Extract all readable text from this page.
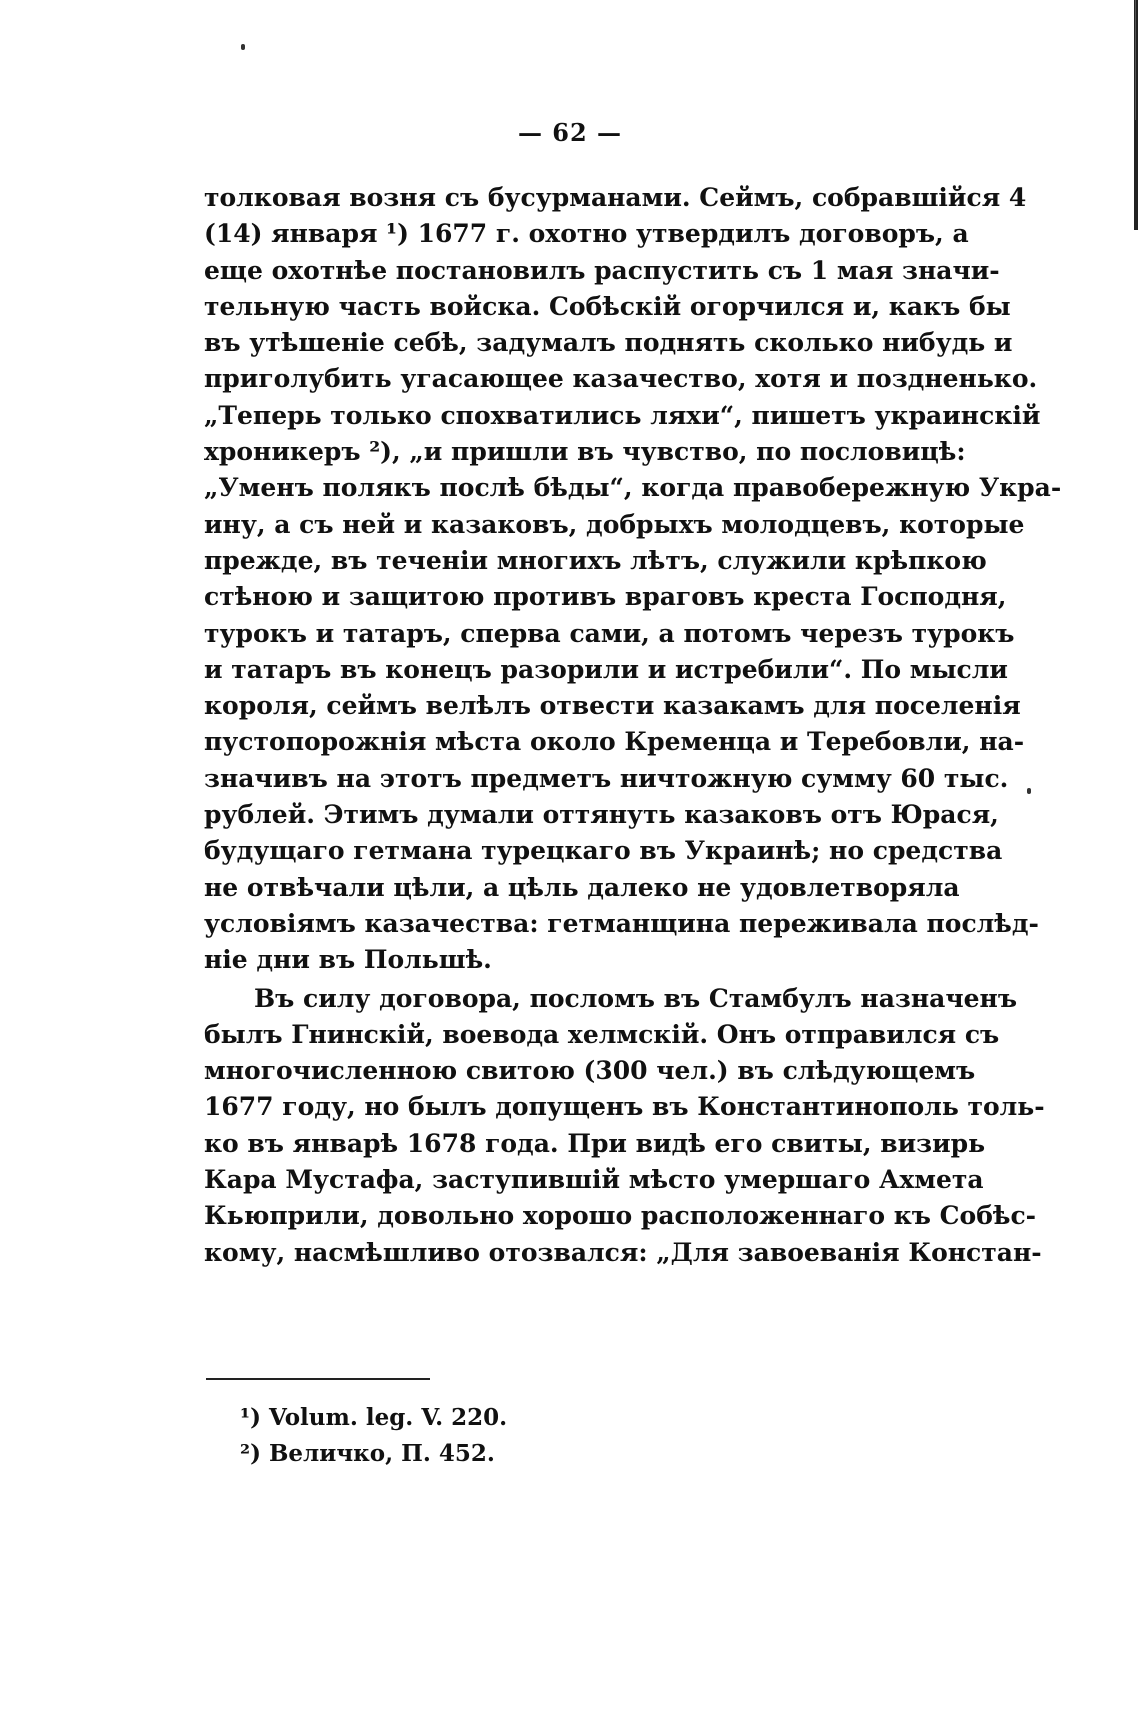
— 62 —
толковая возня съ бусурманами. Сеймъ, собравшiйся 4
(14) января ¹) 1677 г. охотно утвердилъ договоръ, а
еще охотнѣе постановилъ распустить съ 1 мая значи-
тельную часть войска. Собѣскiй огорчился и, какъ бы
въ утѣшенiе себѣ, задумалъ поднять сколько нибудь и
приголубить угасающее казачество, хотя и поздненько.
„Теперь только спохватились ляхи“, пишетъ украинскiй
хроникеръ ²), „и пришли въ чувство, по пословицѣ:
„Уменъ полякъ послѣ бѣды“, когда правобережную Укра-
ину, а съ ней и казаковъ, добрыхъ молодцевъ, которые
прежде, въ теченiи многихъ лѣтъ, служили крѣпкою
стѣною и защитою противъ враговъ креста Господня,
турокъ и татаръ, сперва сами, а потомъ черезъ турокъ
и татаръ въ конецъ разорили и истребили“. По мысли
короля, сеймъ велѣлъ отвести казакамъ для поселенiя
пустопорожнiя мѣста около Кременца и Теребовли, на-
значивъ на этотъ предметъ ничтожную сумму 60 тыс.
рублей. Этимъ думали оттянуть казаковъ отъ Юрася,
будущаго гетмана турецкаго въ Украинѣ; но средства
не отвѣчали цѣли, а цѣль далеко не удовлетворяла
условiямъ казачества: гетманщина переживала послѣд-
нiе дни въ Польшѣ.
Въ силу договора, посломъ въ Стамбулъ назначенъ
былъ Гнинскiй, воевода хелмскiй. Онъ отправился съ
многочисленною свитою (300 чел.) въ слѣдующемъ
1677 году, но былъ допущенъ въ Константинополь толь-
ко въ январѣ 1678 года. При видѣ его свиты, визирь
Кара Мустафа, заступившiй мѣсто умершаго Ахмета
Кьюприли, довольно хорошо расположеннаго къ Собѣс-
кому, насмѣшливо отозвался: „Для завоеванiя Констан-
¹) Volum. leg. V. 220.
²) Величко, П. 452.
